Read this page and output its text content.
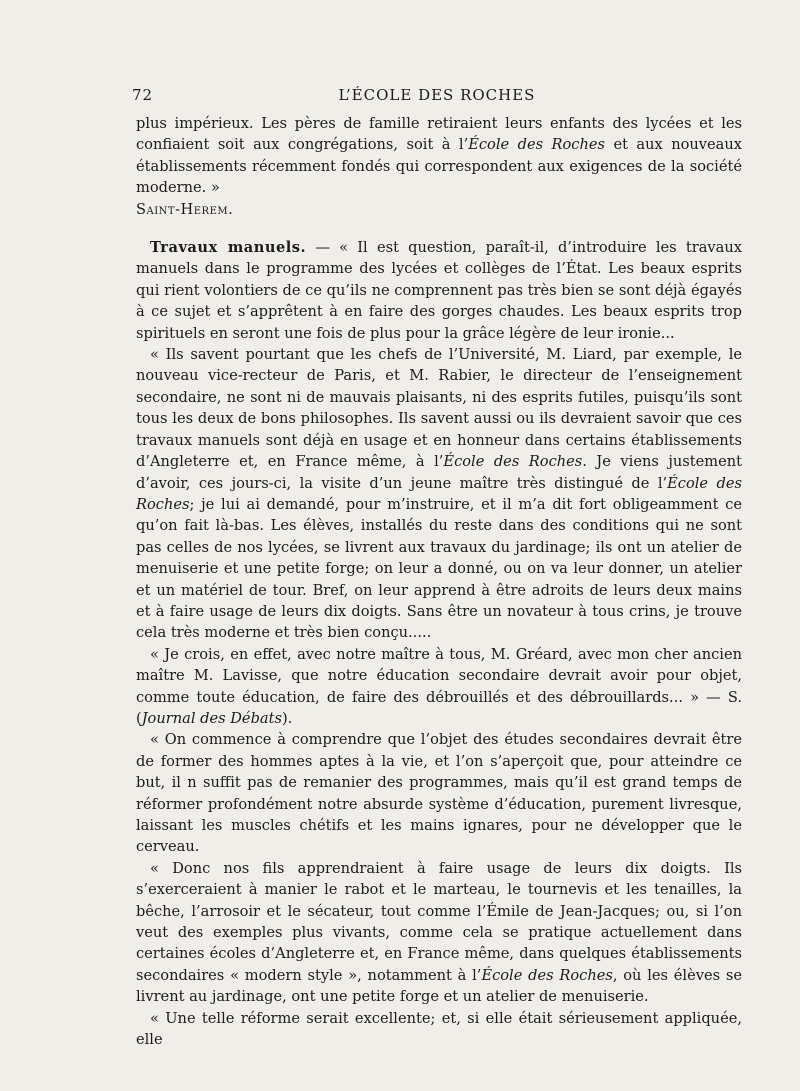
72	L’ÉCOLE DES ROCHES

plus impérieux. Les pères de famille retiraient leurs enfants des lycées et les confiaient soit aux congrégations, soit à l’École des Roches et aux nouveaux établissements récemment fondés qui correspondent aux exigences de la société moderne. »

Saint-Herem.

Travaux manuels. — « Il est question, paraît-il, d’introduire les travaux manuels dans le programme des lycées et collèges de l’État. Les beaux esprits qui rient volontiers de ce qu’ils ne comprennent pas très bien se sont déjà égayés à ce sujet et s’apprêtent à en faire des gorges chaudes. Les beaux esprits trop spirituels en seront une fois de plus pour la grâce légère de leur ironie...

« Ils savent pourtant que les chefs de l’Université, M. Liard, par exemple, le nouveau vice-recteur de Paris, et M. Rabier, le directeur de l’enseignement secondaire, ne sont ni de mauvais plaisants, ni des esprits futiles, puisqu’ils sont tous les deux de bons philosophes. Ils savent aussi ou ils devraient savoir que ces travaux manuels sont déjà en usage et en honneur dans certains établissements d’Angleterre et, en France même, à l’École des Roches. Je viens justement d’avoir, ces jours-ci, la visite d’un jeune maître très distingué de l’École des Roches; je lui ai demandé, pour m’instruire, et il m’a dit fort obligeamment ce qu’on fait là-bas. Les élèves, installés du reste dans des conditions qui ne sont pas celles de nos lycées, se livrent aux travaux du jardinage; ils ont un atelier de menuiserie et une petite forge; on leur a donné, ou on va leur donner, un atelier et un matériel de tour. Bref, on leur apprend à être adroits de leurs deux mains et à faire usage de leurs dix doigts. Sans être un novateur à tous crins, je trouve cela très moderne et très bien conçu.....

« Je crois, en effet, avec notre maître à tous, M. Gréard, avec mon cher ancien maître M. Lavisse, que notre éducation secondaire devrait avoir pour objet, comme toute éducation, de faire des débrouillés et des débrouillards... » — S. (Journal des Débats).

« On commence à comprendre que l’objet des études secondaires devrait être de former des hommes aptes à la vie, et l’on s’aperçoit que, pour atteindre ce but, il n suffit pas de remanier des programmes, mais qu’il est grand temps de réformer profondément notre absurde système d’éducation, purement livresque, laissant les muscles chétifs et les mains ignares, pour ne développer que le cerveau.

« Donc nos fils apprendraient à faire usage de leurs dix doigts. Ils s’exerceraient à manier le rabot et le marteau, le tournevis et les tenailles, la bêche, l’arrosoir et le sécateur, tout comme l’Émile de Jean-Jacques; ou, si l’on veut des exemples plus vivants, comme cela se pratique actuellement dans certaines écoles d’Angleterre et, en France même, dans quelques établissements secondaires « modern style », notamment à l’École des Roches, où les élèves se livrent au jardinage, ont une petite forge et un atelier de menuiserie.

« Une telle réforme serait excellente; et, si elle était sérieusement appliquée, elle
